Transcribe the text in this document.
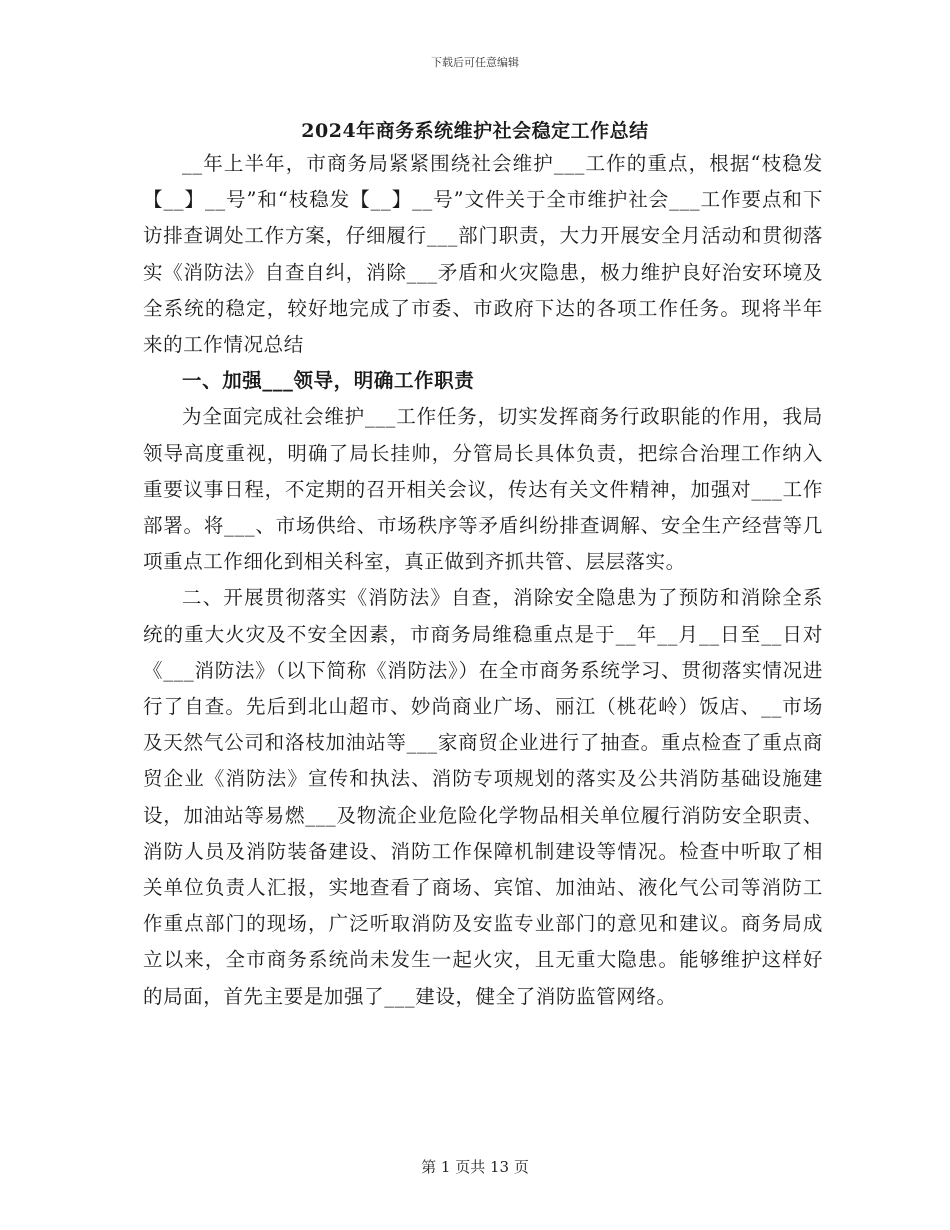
下载后可任意编辑
2024年商务系统维护社会稳定工作总结

__年上半年，市商务局紧紧围绕社会维护___工作的重点，根据“枝稳发【__】__号”和“枝稳发【__】__号”文件关于全市维护社会___工作要点和下访排查调处工作方案，仔细履行___部门职责，大力开展安全月活动和贯彻落实《消防法》自查自纠，消除___矛盾和火灾隐患，极力维护良好治安环境及全系统的稳定，较好地完成了市委、市政府下达的各项工作任务。现将半年来的工作情况总结

一、加强___领导，明确工作职责

为全面完成社会维护___工作任务，切实发挥商务行政职能的作用，我局领导高度重视，明确了局长挂帅，分管局长具体负责，把综合治理工作纳入重要议事日程，不定期的召开相关会议，传达有关文件精神，加强对___工作部署。将___、市场供给、市场秩序等矛盾纠纷排查调解、安全生产经营等几项重点工作细化到相关科室，真正做到齐抓共管、层层落实。

二、开展贯彻落实《消防法》自查，消除安全隐患为了预防和消除全系统的重大火灾及不安全因素，市商务局维稳重点是于__年__月__日至__日对《___消防法》（以下简称《消防法》）在全市商务系统学习、贯彻落实情况进行了自查。先后到北山超市、妙尚商业广场、丽江（桃花岭）饭店、__市场及天然气公司和洛枝加油站等___家商贸企业进行了抽查。重点检查了重点商贸企业《消防法》宣传和执法、消防专项规划的落实及公共消防基础设施建设，加油站等易燃___及物流企业危险化学物品相关单位履行消防安全职责、消防人员及消防装备建设、消防工作保障机制建设等情况。检查中听取了相关单位负责人汇报，实地查看了商场、宾馆、加油站、液化气公司等消防工作重点部门的现场，广泛听取消防及安监专业部门的意见和建议。商务局成立以来，全市商务系统尚未发生一起火灾，且无重大隐患。能够维护这样好的局面，首先主要是加强了___建设，健全了消防监管网络。

第 1 页共 13 页
